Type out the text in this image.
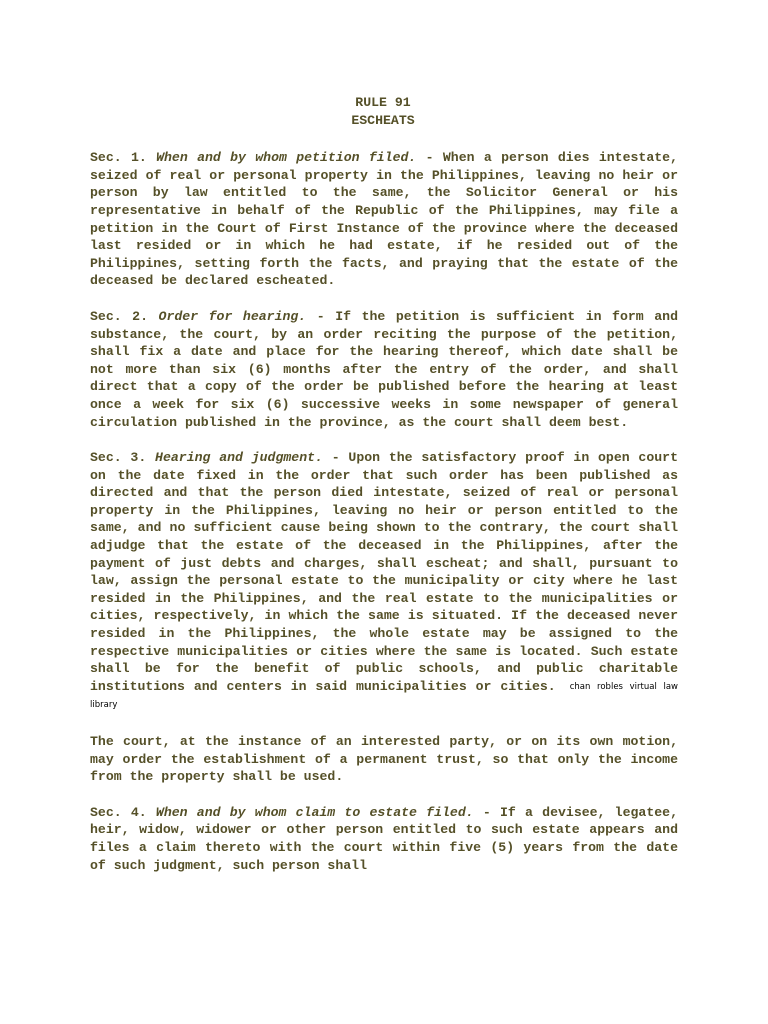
RULE 91
ESCHEATS

Sec. 1. When and by whom petition filed. - When a person dies intestate, seized of real or personal property in the Philippines, leaving no heir or person by law entitled to the same, the Solicitor General or his representative in behalf of the Republic of the Philippines, may file a petition in the Court of First Instance of the province where the deceased last resided or in which he had estate, if he resided out of the Philippines, setting forth the facts, and praying that the estate of the deceased be declared escheated.

Sec. 2. Order for hearing. - If the petition is sufficient in form and substance, the court, by an order reciting the purpose of the petition, shall fix a date and place for the hearing thereof, which date shall be not more than six (6) months after the entry of the order, and shall direct that a copy of the order be published before the hearing at least once a week for six (6) successive weeks in some newspaper of general circulation published in the province, as the court shall deem best.

Sec. 3. Hearing and judgment. - Upon the satisfactory proof in open court on the date fixed in the order that such order has been published as directed and that the person died intestate, seized of real or personal property in the Philippines, leaving no heir or person entitled to the same, and no sufficient cause being shown to the contrary, the court shall adjudge that the estate of the deceased in the Philippines, after the payment of just debts and charges, shall escheat; and shall, pursuant to law, assign the personal estate to the municipality or city where he last resided in the Philippines, and the real estate to the municipalities or cities, respectively, in which the same is situated. If the deceased never resided in the Philippines, the whole estate may be assigned to the respective municipalities or cities where the same is located. Such estate shall be for the benefit of public schools, and public charitable institutions and centers in said municipalities or cities. chan robles virtual law library

The court, at the instance of an interested party, or on its own motion, may order the establishment of a permanent trust, so that only the income from the property shall be used.

Sec. 4. When and by whom claim to estate filed. - If a devisee, legatee, heir, widow, widower or other person entitled to such estate appears and files a claim thereto with the court within five (5) years from the date of such judgment, such person shall
